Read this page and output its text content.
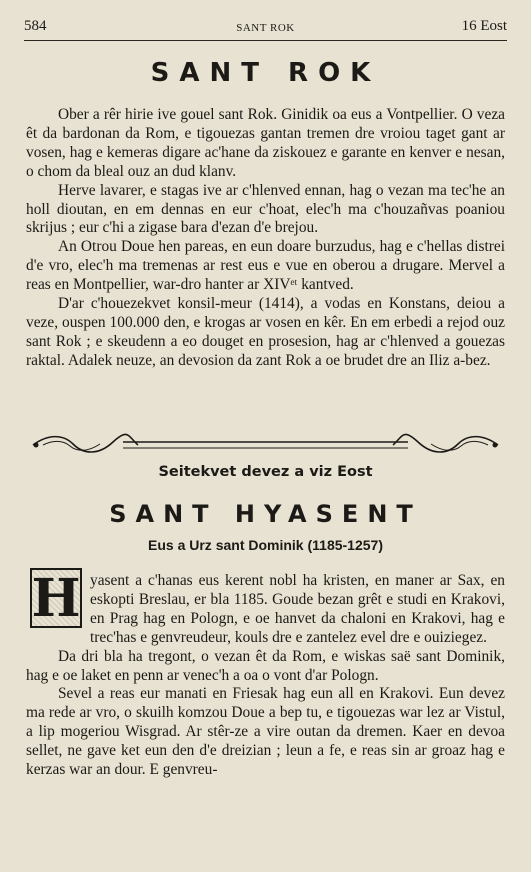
584	SANT ROK	16 Eost
SANT ROK

Ober a rêr hirie ive gouel sant Rok. Ginidik oa eus a Vontpellier. O veza êt da bardonan da Rom, e tigouezas gantan tremen dre vroiou taget gant ar vosen, hag e kemeras digare ac'hane da ziskouez e garante en kenver e nesan, o chom da bleal ouz an dud klanv.

Herve lavarer, e stagas ive ar c'hlenved ennan, hag o vezan ma tec'he an holl dioutan, en em dennas en eur c'hoat, elec'h ma c'houzañvas poaniou skrijus ; eur c'hi a zigase bara d'ezan d'e brejou.

An Otrou Doue hen pareas, en eun doare burzudus, hag e c'hellas distrei d'e vro, elec'h ma tremenas ar rest eus e vue en oberou a drugare. Mervel a reas en Montpellier, war-dro hanter ar XIVᵉᵗ kantved.

D'ar c'houezekvet konsil-meur (1414), a vodas en Konstans, deiou a veze, ouspen 100.000 den, e krogas ar vosen en kêr. En em erbedi a rejod ouz sant Rok ; e skeudenn a eo douget en prosesion, hag ar c'hlenved a gouezas raktal. Adalek neuze, an devosion da zant Rok a oe brudet dre an Iliz a-bez.

Seitekvet devez a viz Eost
SANT HYASENT
Eus a Urz sant Dominik (1185-1257)
H yasent a c'hanas eus kerent nobl ha kristen, en maner ar Sax, en eskopti Breslau, er bla 1185. Goude bezan grêt e studi en Krakovi, en Prag hag en Pologn, e oe hanvet da chaloni en Krakovi, hag e trec'has e genvreudeur, kouls dre e zantelez evel dre e ouiziegez.

Da dri bla ha tregont, o vezan êt da Rom, e wiskas saë sant Dominik, hag e oe laket en penn ar venec'h a oa o vont d'ar Pologn.

Sevel a reas eur manati en Friesak hag eun all en Krakovi. Eun devez ma rede ar vro, o skuilh komzou Doue a bep tu, e tigouezas war lez ar Vistul, a lip mogeriou Wisgrad. Ar stêr-ze a vire outan da dremen. Kaer en devoa sellet, ne gave ket eun den d'e dreizian ; leun a fe, e reas sin ar groaz hag e kerzas war an dour. E genvreu-
